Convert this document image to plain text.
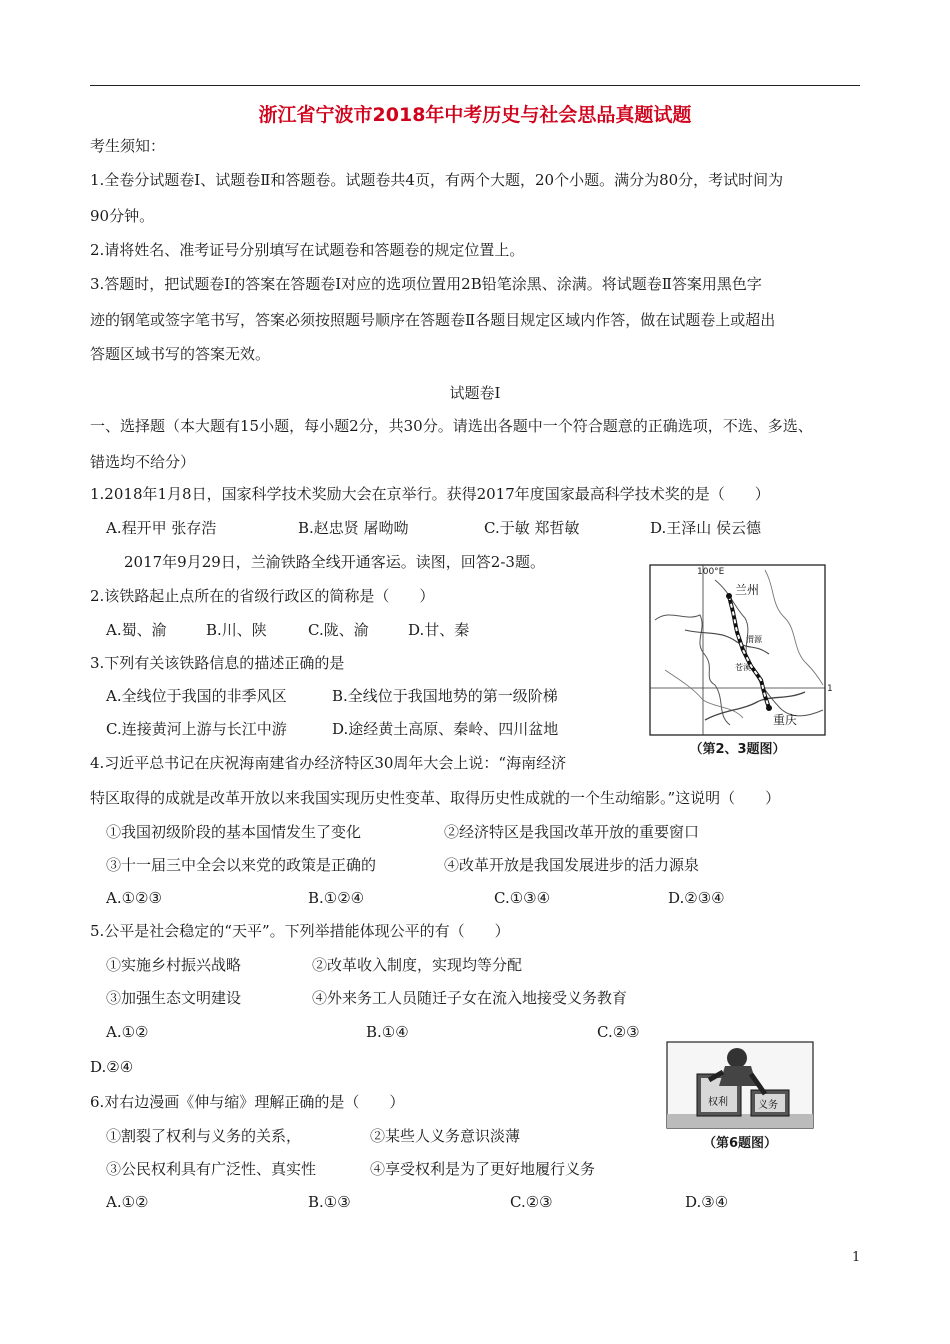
浙江省宁波市2018年中考历史与社会思品真题试题
考生须知：
1.全卷分试题卷Ⅰ、试题卷Ⅱ和答题卷。试题卷共4页，有两个大题，20个小题。满分为80分，考试时间为
90分钟。
2.请将姓名、准考证号分别填写在试题卷和答题卷的规定位置上。
3.答题时，把试题卷Ⅰ的答案在答题卷Ⅰ对应的选项位置用2B铅笔涂黑、涂满。将试题卷Ⅱ答案用黑色字
迹的钢笔或签字笔书写，答案必须按照题号顺序在答题卷Ⅱ各题目规定区域内作答，做在试题卷上或超出
答题区域书写的答案无效。
试题卷Ⅰ
一、选择题（本大题有15小题，每小题2分，共30分。请选出各题中一个符合题意的正确选项，不选、多选、
错选均不给分）
1.2018年1月8日，国家科学技术奖励大会在京举行。获得2017年度国家最高科学技术奖的是（　　）
A.程开甲 张存浩	B.赵忠贤 屠呦呦	C.于敏 郑哲敏	D.王泽山 侯云德
2017年9月29日，兰渝铁路全线开通客运。读图，回答2-3题。
2.该铁路起止点所在的省级行政区的简称是（　　）
A.蜀、渝	B.川、陕	C.陇、渝	D.甘、秦
3.下列有关该铁路信息的描述正确的是
A.全线位于我国的非季风区	B.全线位于我国地势的第一级阶梯
C.连接黄河上游与长江中游	D.途经黄土高原、秦岭、四川盆地
100°E
兰州
渭源
苍溪
重庆
1
（第2、3题图）
4.习近平总书记在庆祝海南建省办经济特区30周年大会上说：“海南经济
特区取得的成就是改革开放以来我国实现历史性变革、取得历史性成就的一个生动缩影。”这说明（　　）
①我国初级阶段的基本国情发生了变化	②经济特区是我国改革开放的重要窗口
③十一届三中全会以来党的政策是正确的	④改革开放是我国发展进步的活力源泉
A.①②③	B.①②④	C.①③④	D.②③④
5.公平是社会稳定的“天平”。下列举措能体现公平的有（　　）
①实施乡村振兴战略	②改革收入制度，实现均等分配
③加强生态文明建设	④外来务工人员随迁子女在流入地接受义务教育
A.①②	B.①④	C.②③
D.②④
权利	义务
（第6题图）
6.对右边漫画《伸与缩》理解正确的是（　　）
①割裂了权利与义务的关系，	②某些人义务意识淡薄
③公民权利具有广泛性、真实性	④享受权利是为了更好地履行义务
A.①②	B.①③	C.②③	D.③④
1
